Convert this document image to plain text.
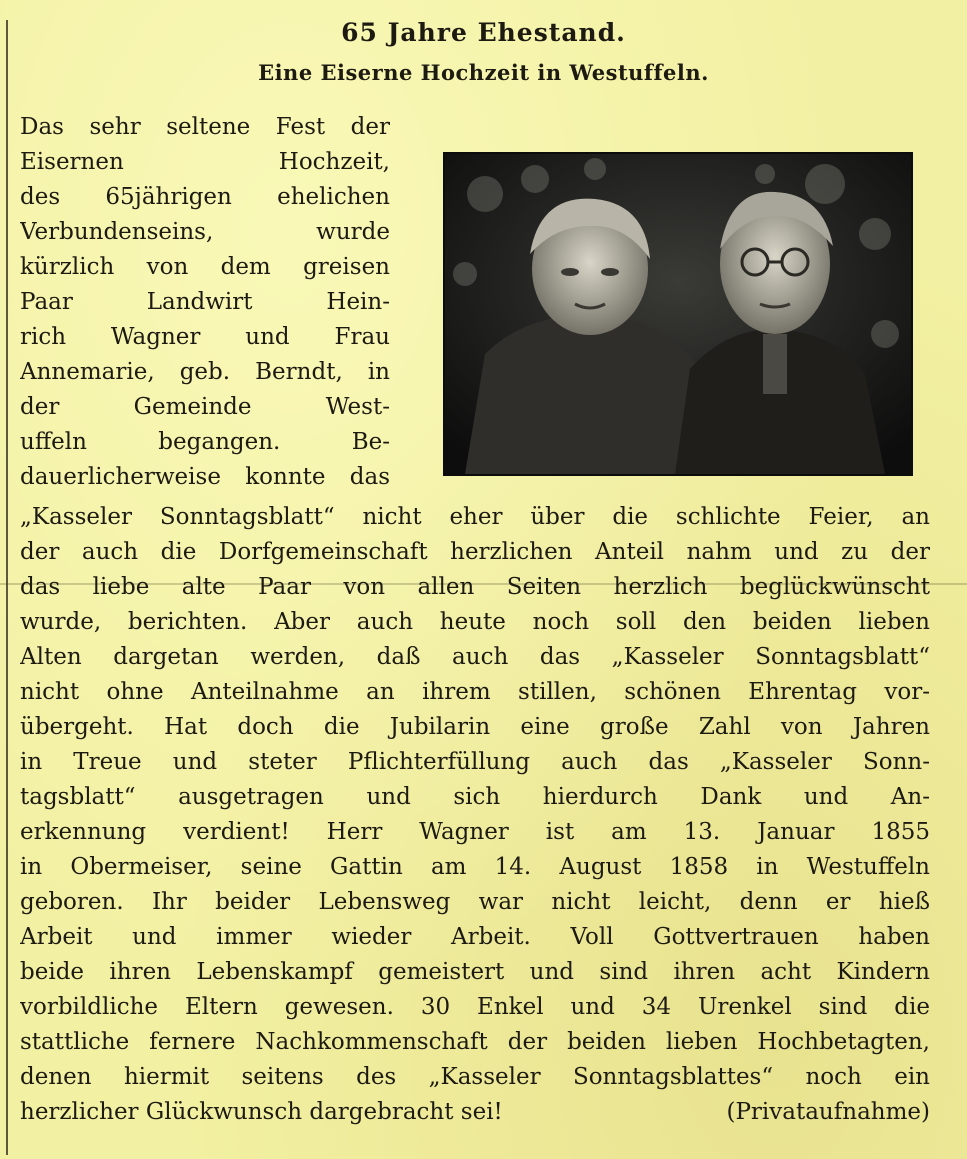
65 Jahre Ehestand.
Eine Eiserne Hochzeit in Westuffeln.
Das sehr seltene Fest der
Eisernen Hochzeit,
des 65jährigen ehelichen
Verbundenseins, wurde
kürzlich von dem greisen
Paar Landwirt Hein-
rich Wagner und Frau
Annemarie, geb. Berndt, in
der Gemeinde West-
uffeln begangen. Be-
dauerlicherweise konnte das
„Kasseler Sonntagsblatt“ nicht eher über die schlichte Feier, an
der auch die Dorfgemeinschaft herzlichen Anteil nahm und zu der
das liebe alte Paar von allen Seiten herzlich beglückwünscht
wurde, berichten. Aber auch heute noch soll den beiden lieben
Alten dargetan werden, daß auch das „Kasseler Sonntagsblatt“
nicht ohne Anteilnahme an ihrem stillen, schönen Ehrentag vor-
übergeht. Hat doch die Jubilarin eine große Zahl von Jahren
in Treue und steter Pflichterfüllung auch das „Kasseler Sonn-
tagsblatt“ ausgetragen und sich hierdurch Dank und An-
erkennung verdient! Herr Wagner ist am 13. Januar 1855
in Obermeiser, seine Gattin am 14. August 1858 in Westuffeln
geboren. Ihr beider Lebensweg war nicht leicht, denn er hieß
Arbeit und immer wieder Arbeit. Voll Gottvertrauen haben
beide ihren Lebenskampf gemeistert und sind ihren acht Kindern
vorbildliche Eltern gewesen. 30 Enkel und 34 Urenkel sind die
stattliche fernere Nachkommenschaft der beiden lieben Hochbetagten,
denen hiermit seitens des „Kasseler Sonntagsblattes“ noch ein
herzlicher Glückwunsch dargebracht sei!	(Privataufnahme)
